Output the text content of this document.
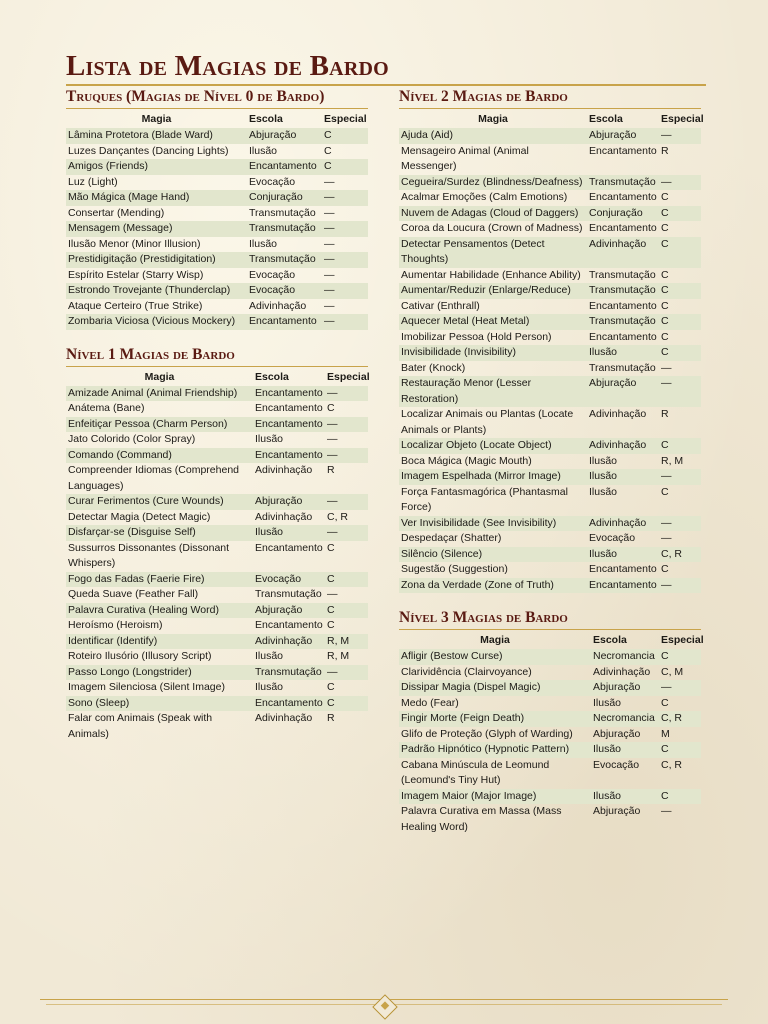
Lista de Magias de Bardo
Truques (Magias de Nível 0 de Bardo)
Magia	Escola	Especial
Lâmina Protetora (Blade Ward)	Abjuração	C
Luzes Dançantes (Dancing Lights)	Ilusão	C
Amigos (Friends)	Encantamento	C
Luz (Light)	Evocação	—
Mão Mágica (Mage Hand)	Conjuração	—
Consertar (Mending)	Transmutação	—
Mensagem (Message)	Transmutação	—
Ilusão Menor (Minor Illusion)	Ilusão	—
Prestidigitação (Prestidigitation)	Transmutação	—
Espírito Estelar (Starry Wisp)	Evocação	—
Estrondo Trovejante (Thunderclap)	Evocação	—
Ataque Certeiro (True Strike)	Adivinhação	—
Zombaria Viciosa (Vicious Mockery)	Encantamento	—
Nível 1 Magias de Bardo
Magia	Escola	Especial
Amizade Animal (Animal Friendship)	Encantamento	—
Anátema (Bane)	Encantamento	C
Enfeitiçar Pessoa (Charm Person)	Encantamento	—
Jato Colorido (Color Spray)	Ilusão	—
Comando (Command)	Encantamento	—
Compreender Idiomas (Comprehend Languages)	Adivinhação	R
Curar Ferimentos (Cure Wounds)	Abjuração	—
Detectar Magia (Detect Magic)	Adivinhação	C, R
Disfarçar-se (Disguise Self)	Ilusão	—
Sussurros Dissonantes (Dissonant Whispers)	Encantamento	C
Fogo das Fadas (Faerie Fire)	Evocação	C
Queda Suave (Feather Fall)	Transmutação	—
Palavra Curativa (Healing Word)	Abjuração	C
Heroísmo (Heroism)	Encantamento	C
Identificar (Identify)	Adivinhação	R, M
Roteiro Ilusório (Illusory Script)	Ilusão	R, M
Passo Longo (Longstrider)	Transmutação	—
Imagem Silenciosa (Silent Image)	Ilusão	C
Sono (Sleep)	Encantamento	C
Falar com Animais (Speak with Animals)	Adivinhação	R
Nível 2 Magias de Bardo
Magia	Escola	Especial
Ajuda (Aid)	Abjuração	—
Mensageiro Animal (Animal Messenger)	Encantamento	R
Cegueira/Surdez (Blindness/Deafness)	Transmutação	—
Acalmar Emoções (Calm Emotions)	Encantamento	C
Nuvem de Adagas (Cloud of Daggers)	Conjuração	C
Coroa da Loucura (Crown of Madness)	Encantamento	C
Detectar Pensamentos (Detect Thoughts)	Adivinhação	C
Aumentar Habilidade (Enhance Ability)	Transmutação	C
Aumentar/Reduzir (Enlarge/Reduce)	Transmutação	C
Cativar (Enthrall)	Encantamento	C
Aquecer Metal (Heat Metal)	Transmutação	C
Imobilizar Pessoa (Hold Person)	Encantamento	C
Invisibilidade (Invisibility)	Ilusão	C
Bater (Knock)	Transmutação	—
Restauração Menor (Lesser Restoration)	Abjuração	—
Localizar Animais ou Plantas (Locate Animals or Plants)	Adivinhação	R
Localizar Objeto (Locate Object)	Adivinhação	C
Boca Mágica (Magic Mouth)	Ilusão	R, M
Imagem Espelhada (Mirror Image)	Ilusão	—
Força Fantasmagórica (Phantasmal Force)	Ilusão	C
Ver Invisibilidade (See Invisibility)	Adivinhação	—
Despedaçar (Shatter)	Evocação	—
Silêncio (Silence)	Ilusão	C, R
Sugestão (Suggestion)	Encantamento	C
Zona da Verdade (Zone of Truth)	Encantamento	—
Nível 3 Magias de Bardo
Magia	Escola	Especial
Afligir (Bestow Curse)	Necromancia	C
Clarividência (Clairvoyance)	Adivinhação	C, M
Dissipar Magia (Dispel Magic)	Abjuração	—
Medo (Fear)	Ilusão	C
Fingir Morte (Feign Death)	Necromancia	C, R
Glifo de Proteção (Glyph of Warding)	Abjuração	M
Padrão Hipnótico (Hypnotic Pattern)	Ilusão	C
Cabana Minúscula de Leomund (Leomund's Tiny Hut)	Evocação	C, R
Imagem Maior (Major Image)	Ilusão	C
Palavra Curativa em Massa (Mass Healing Word)	Abjuração	—
